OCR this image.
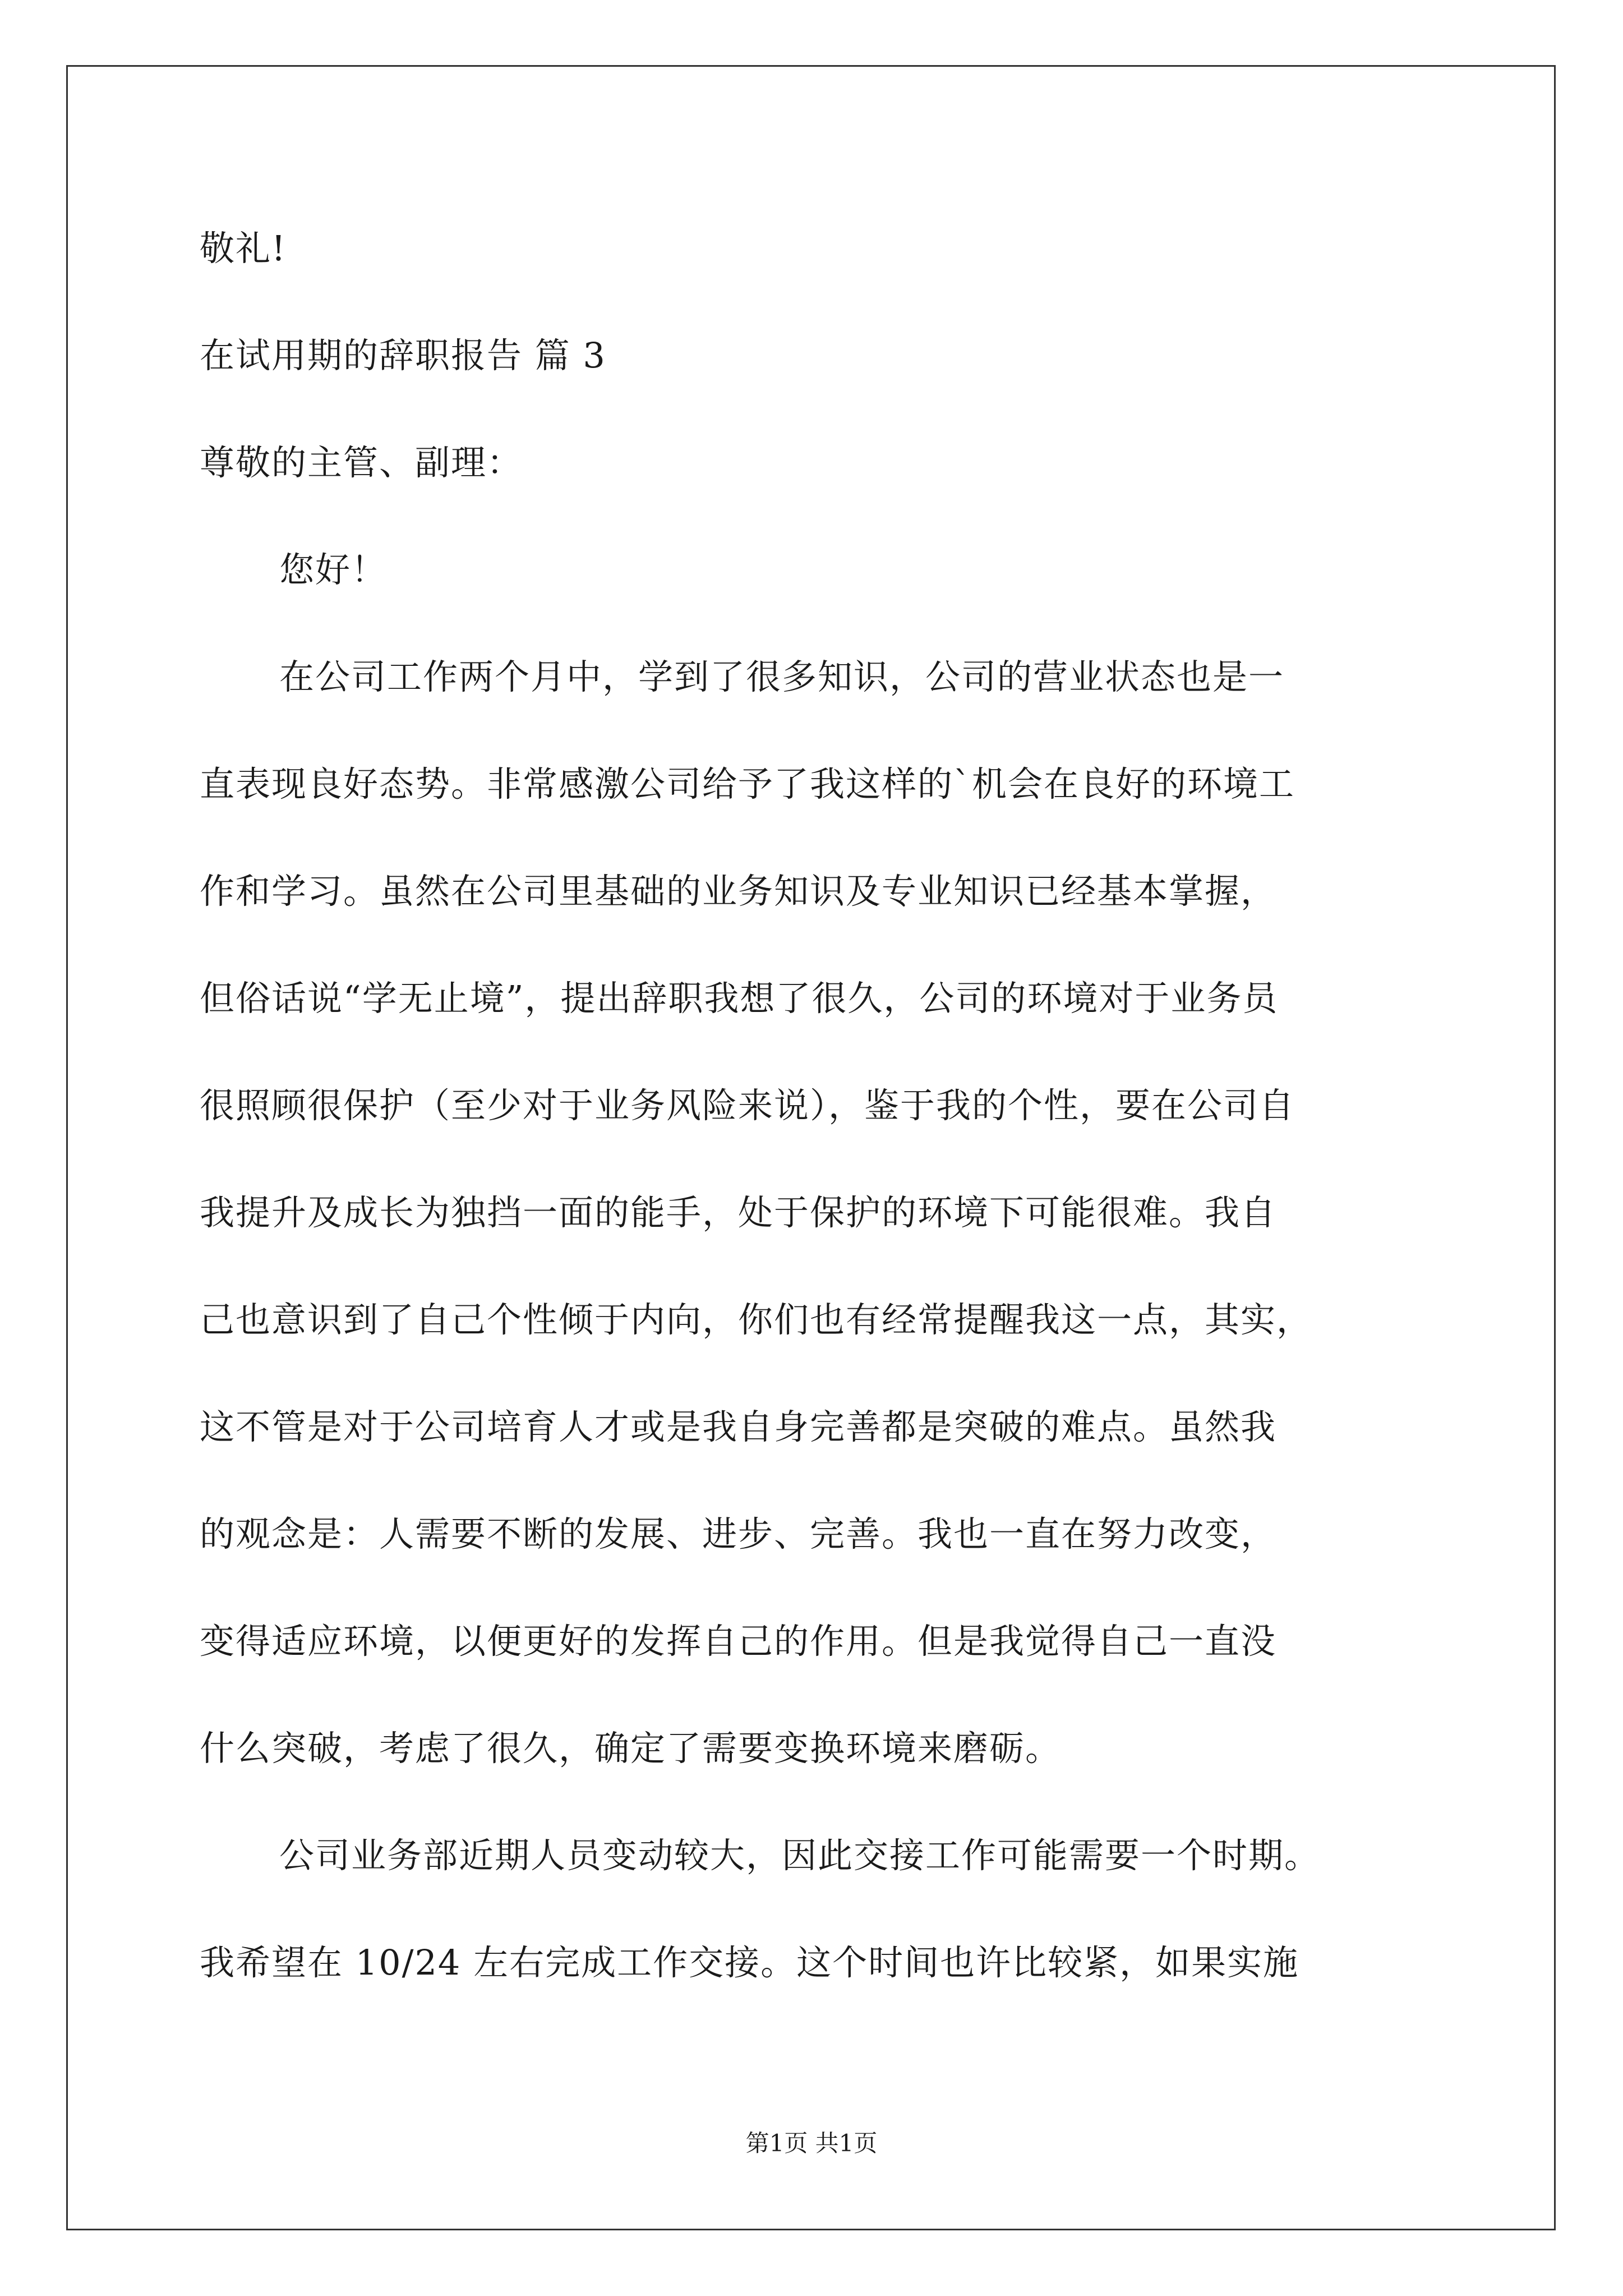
敬礼!

在试用期的辞职报告 篇 3

尊敬的主管、副理：

您好！

在公司工作两个月中，学到了很多知识，公司的营业状态也是一

直表现良好态势。非常感激公司给予了我这样的`机会在良好的环境工

作和学习。虽然在公司里基础的业务知识及专业知识已经基本掌握，

但俗话说“学无止境”，提出辞职我想了很久，公司的环境对于业务员

很照顾很保护（至少对于业务风险来说），鉴于我的个性，要在公司自

我提升及成长为独挡一面的能手，处于保护的环境下可能很难。我自

己也意识到了自己个性倾于内向，你们也有经常提醒我这一点，其实，

这不管是对于公司培育人才或是我自身完善都是突破的难点。虽然我

的观念是：人需要不断的发展、进步、完善。我也一直在努力改变，

变得适应环境，以便更好的发挥自己的作用。但是我觉得自己一直没

什么突破，考虑了很久，确定了需要变换环境来磨砺。

公司业务部近期人员变动较大，因此交接工作可能需要一个时期。

我希望在 10/24 左右完成工作交接。这个时间也许比较紧，如果实施

第1页 共1页
